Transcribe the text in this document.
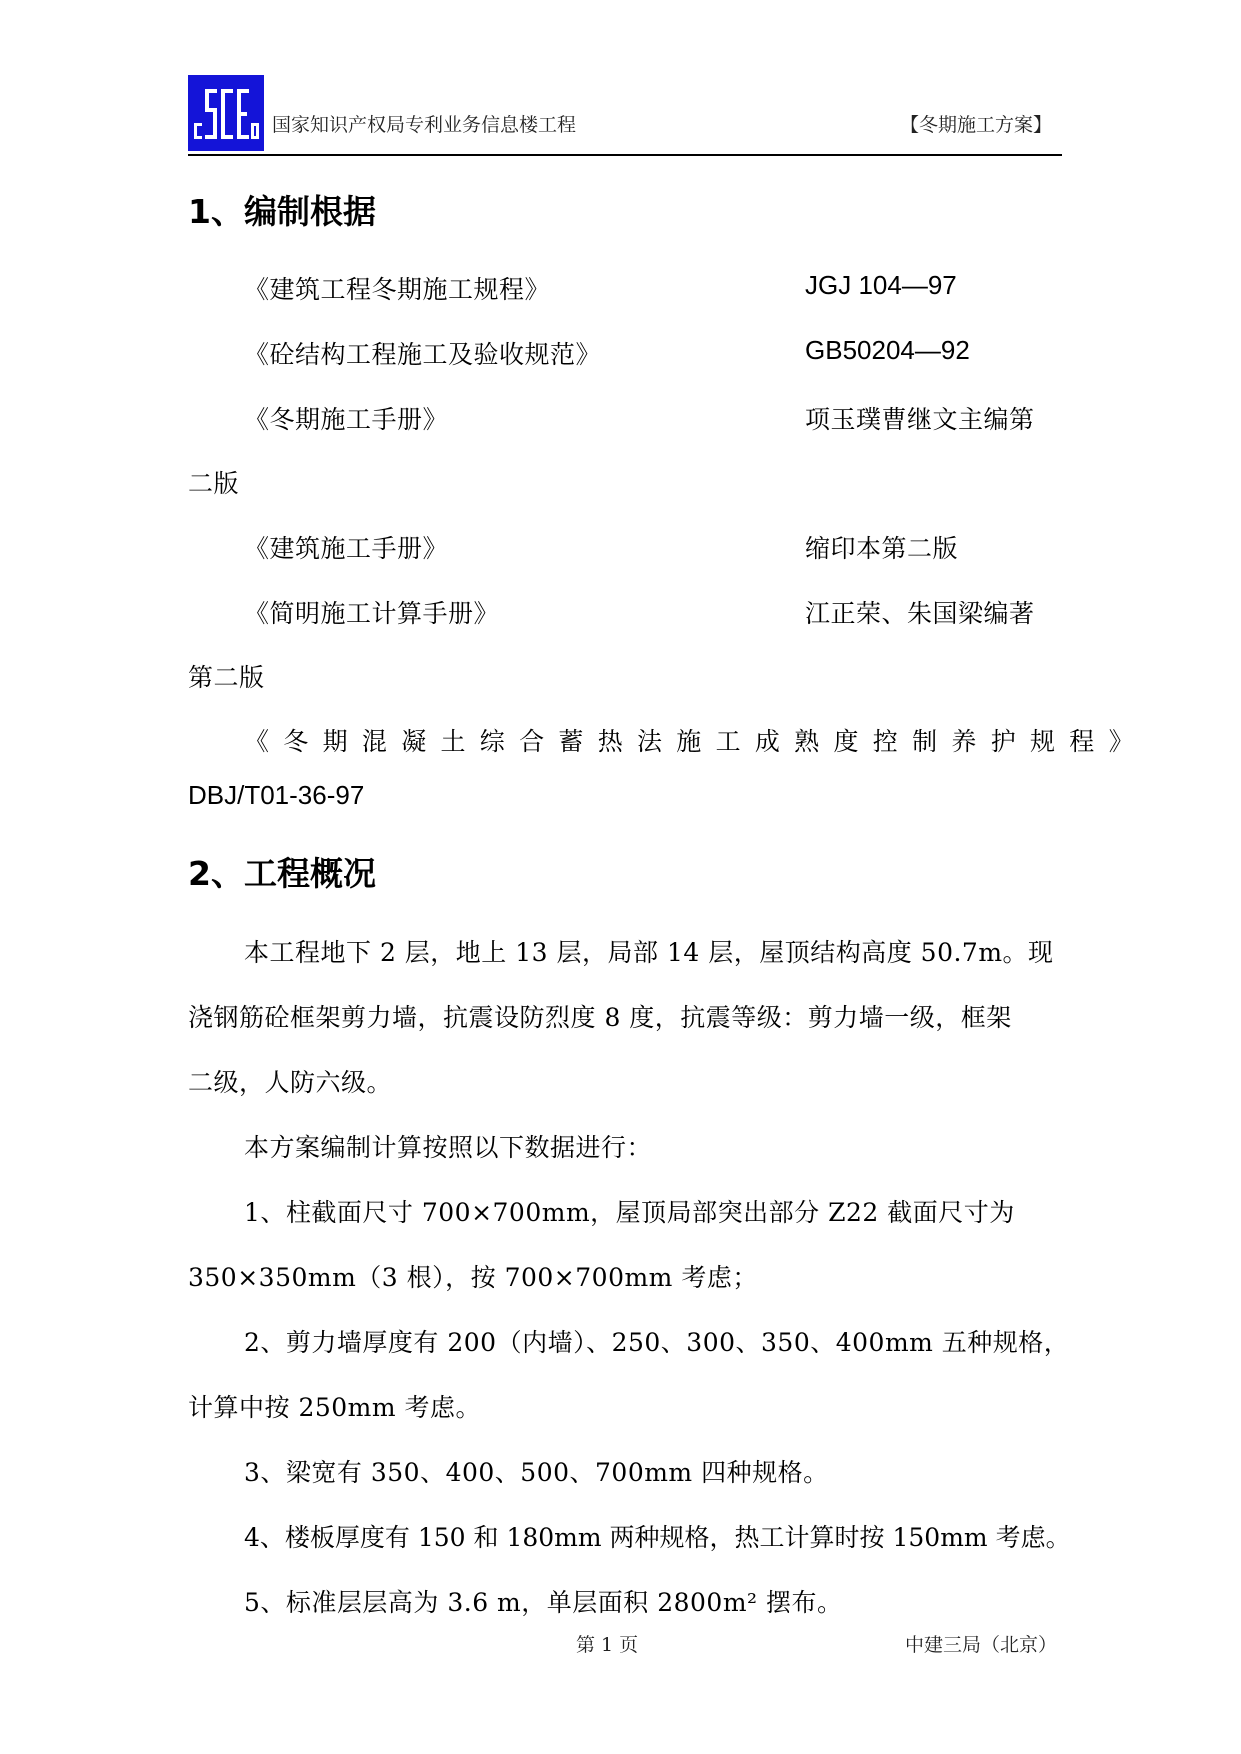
国家知识产权局专利业务信息楼工程	【冬期施工方案】
1、编制根据
《建筑工程冬期施工规程》	JGJ 104—97
《砼结构工程施工及验收规范》	GB50204—92
《冬期施工手册》	项玉璞曹继文主编第
二版
《建筑施工手册》	缩印本第二版
《简明施工计算手册》	江正荣、朱国梁编著
第二版
《冬期混凝土综合蓄热法施工成熟度控制养护规程》
DBJ/T01-36-97
2、工程概况
本工程地下 2 层，地上 13 层，局部 14 层，屋顶结构高度 50.7m。现
浇钢筋砼框架剪力墙，抗震设防烈度 8 度，抗震等级：剪力墙一级，框架
二级，人防六级。
本方案编制计算按照以下数据进行：
1、柱截面尺寸 700×700mm，屋顶局部突出部分 Z22 截面尺寸为
350×350mm（3 根），按 700×700mm 考虑；
2、剪力墙厚度有 200（内墙）、250、300、350、400mm 五种规格，
计算中按 250mm 考虑。
3、梁宽有 350、400、500、700mm 四种规格。
4、楼板厚度有 150 和 180mm 两种规格，热工计算时按 150mm 考虑。
5、标准层层高为 3.6 m，单层面积 2800m² 摆布。
第 1 页	中建三局（北京）
